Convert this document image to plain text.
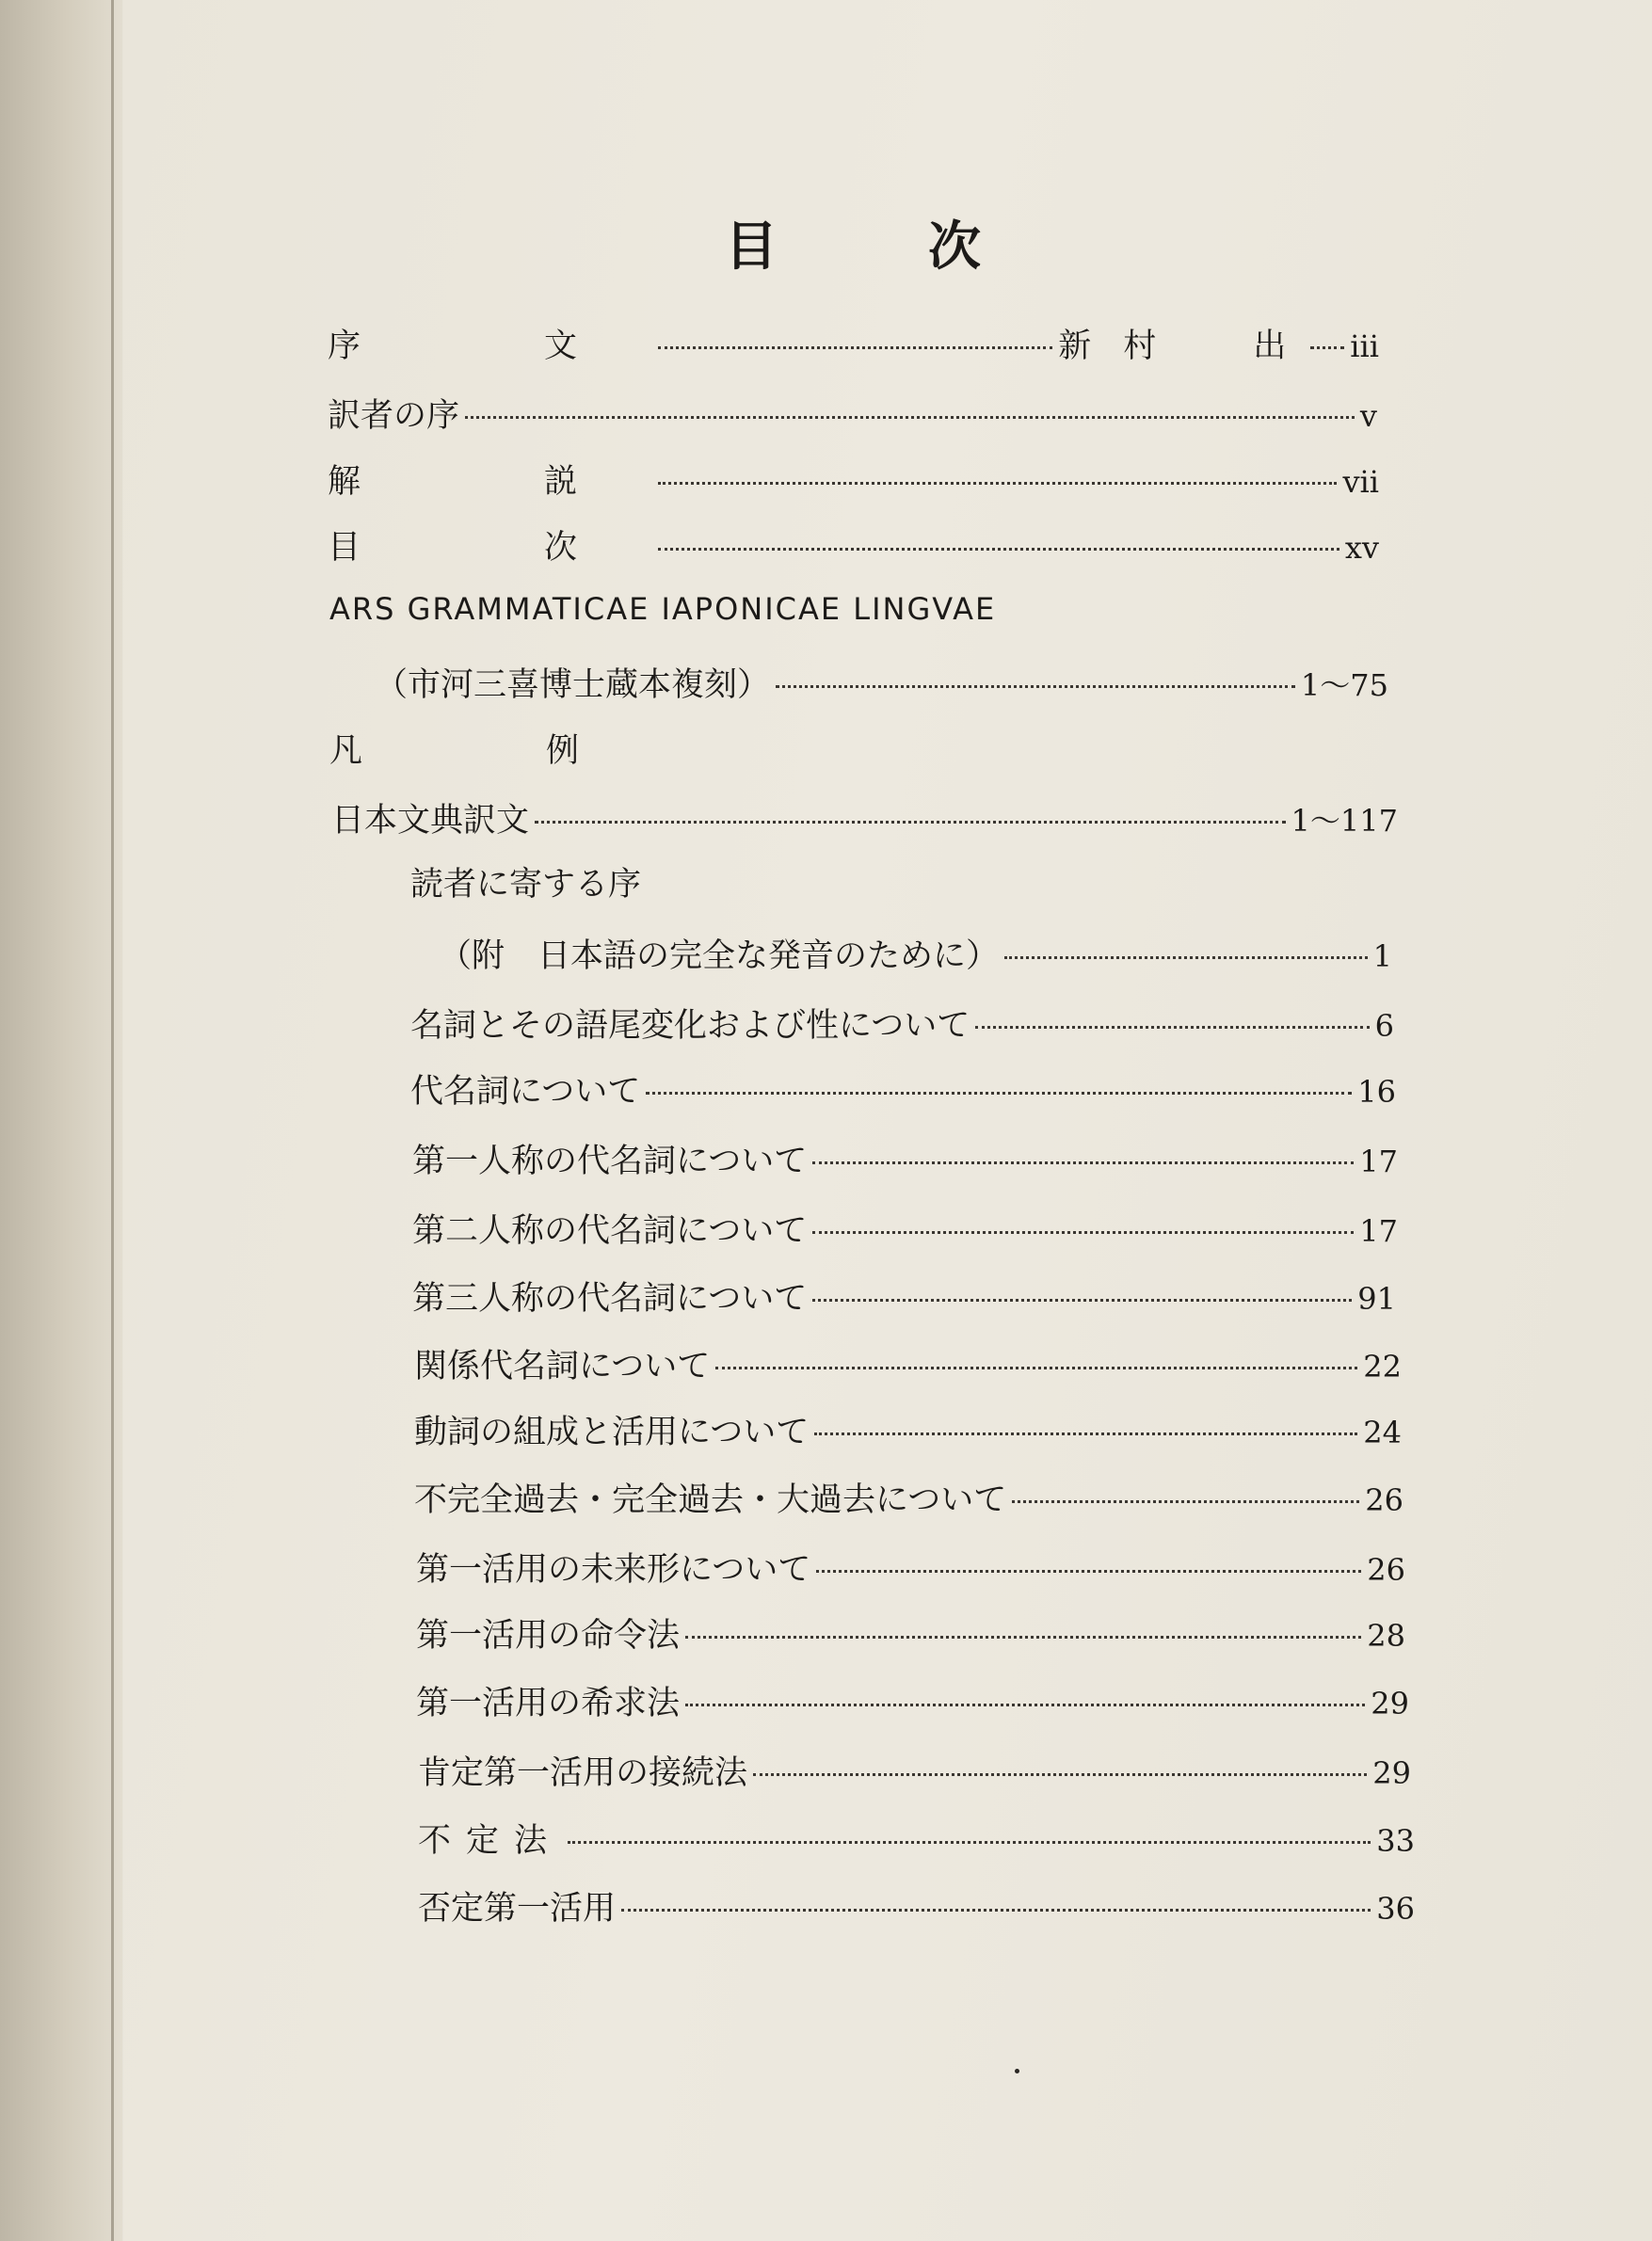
目次
序　文	新村　出 iii
訳者の序	v
解　説	vii
目　次	xv
ARS GRAMMATICAE IAPONICAE LINGVAE
（市河三喜博士蔵本複刻）	1～75
凡　例
日本文典訳文	1～117
読者に寄する序
（附　日本語の完全な発音のために）	1
名詞とその語尾変化および性について	6
代名詞について	16
第一人称の代名詞について	17
第二人称の代名詞について	17
第三人称の代名詞について	91
関係代名詞について	22
動詞の組成と活用について	24
不完全過去・完全過去・大過去について	26
第一活用の未来形について	26
第一活用の命令法	28
第一活用の希求法	29
肯定第一活用の接続法	29
不定法	33
否定第一活用	36
